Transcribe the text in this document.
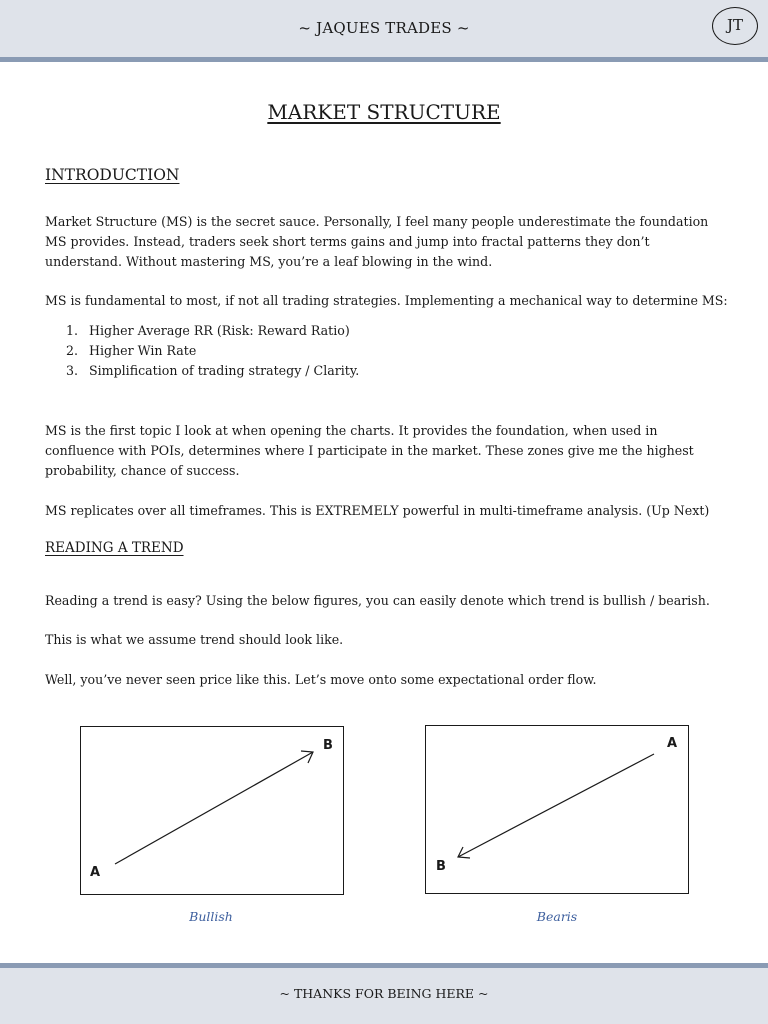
~ JAQUES TRADES ~	JT
MARKET STRUCTURE
INTRODUCTION

Market Structure (MS) is the secret sauce. Personally, I feel many people underestimate the foundation MS provides. Instead, traders seek short terms gains and jump into fractal patterns they don’t understand. Without mastering MS, you’re a leaf blowing in the wind.

MS is fundamental to most, if not all trading strategies. Implementing a mechanical way to determine MS:

1. Higher Average RR (Risk: Reward Ratio)
2. Higher Win Rate
3. Simplification of trading strategy / Clarity.

MS is the first topic I look at when opening the charts. It provides the foundation, when used in confluence with POIs, determines where I participate in the market. These zones give me the highest probability, chance of success.

MS replicates over all timeframes. This is EXTREMELY powerful in multi-timeframe analysis. (Up Next)

READING A TREND

Reading a trend is easy? Using the below figures, you can easily denote which trend is bullish / bearish.

This is what we assume trend should look like.

Well, you’ve never seen price like this. Let’s move onto some expectational order flow.

B
A
Bullish
A
B
Bearis
~ THANKS FOR BEING HERE ~
